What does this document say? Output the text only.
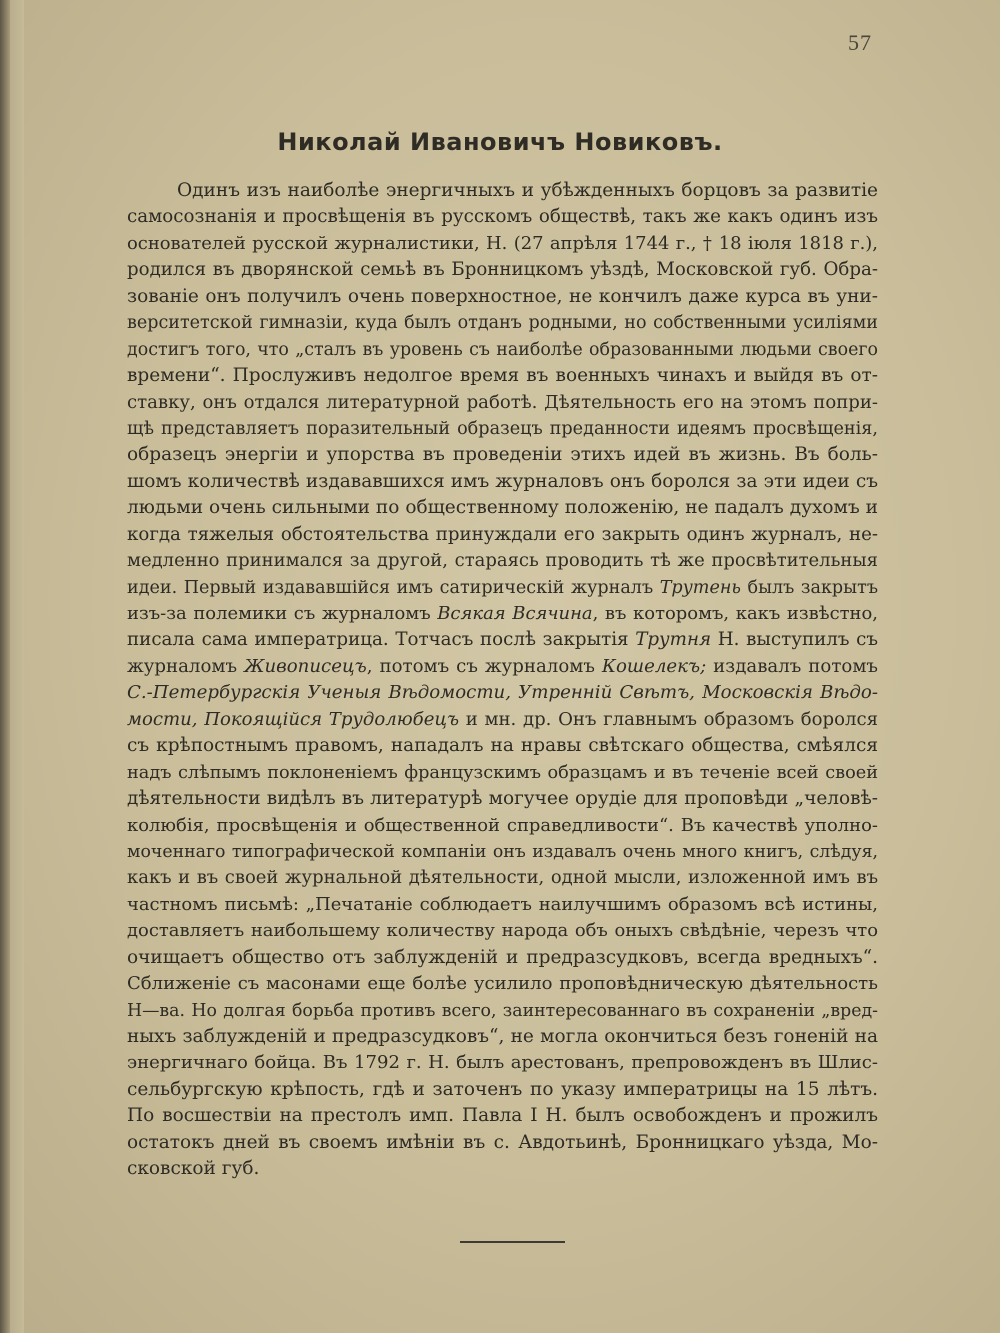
57
Николай Ивановичъ Новиковъ.
Одинъ изъ наиболѣе энергичныхъ и убѣжденныхъ борцовъ за развитіе
самосознанія и просвѣщенія въ русскомъ обществѣ, такъ же какъ одинъ изъ
основателей русской журналистики, Н. (27 апрѣля 1744 г., † 18 іюля 1818 г.),
родился въ дворянской семьѣ въ Бронницкомъ уѣздѣ, Московской губ. Обра-
зованіе онъ получилъ очень поверхностное, не кончилъ даже курса въ уни-
верситетской гимназіи, куда былъ отданъ родными, но собственными усиліями
достигъ того, что „сталъ въ уровень съ наиболѣе образованными людьми своего
времени“. Прослуживъ недолгое время въ военныхъ чинахъ и выйдя въ от-
ставку, онъ отдался литературной работѣ. Дѣятельность его на этомъ попри-
щѣ представляетъ поразительный образецъ преданности идеямъ просвѣщенія,
образецъ энергіи и упорства въ проведеніи этихъ идей въ жизнь. Въ боль-
шомъ количествѣ издававшихся имъ журналовъ онъ боролся за эти идеи съ
людьми очень сильными по общественному положенію, не падалъ духомъ и
когда тяжелыя обстоятельства принуждали его закрыть одинъ журналъ, не-
медленно принимался за другой, стараясь проводить тѣ же просвѣтительныя
идеи. Первый издававшійся имъ сатирическій журналъ Трутень былъ закрытъ
изъ-за полемики съ журналомъ Всякая Всячина, въ которомъ, какъ извѣстно,
писала сама императрица. Тотчасъ послѣ закрытія Трутня Н. выступилъ съ
журналомъ Живописецъ, потомъ съ журналомъ Кошелекъ; издавалъ потомъ
С.-Петербургскія Ученыя Вѣдомости, Утренній Свѣтъ, Московскія Вѣдо-
мости, Покоящійся Трудолюбецъ и мн. др. Онъ главнымъ образомъ боролся
съ крѣпостнымъ правомъ, нападалъ на нравы свѣтскаго общества, смѣялся
надъ слѣпымъ поклоненіемъ французскимъ образцамъ и въ теченіе всей своей
дѣятельности видѣлъ въ литературѣ могучее орудіе для проповѣди „человѣ-
колюбія, просвѣщенія и общественной справедливости“. Въ качествѣ уполно-
моченнаго типографической компаніи онъ издавалъ очень много книгъ, слѣдуя,
какъ и въ своей журнальной дѣятельности, одной мысли, изложенной имъ въ
частномъ письмѣ: „Печатаніе соблюдаетъ наилучшимъ образомъ всѣ истины,
доставляетъ наибольшему количеству народа объ оныхъ свѣдѣніе, черезъ что
очищаетъ общество отъ заблужденій и предразсудковъ, всегда вредныхъ“.
Сближеніе съ масонами еще болѣе усилило проповѣдническую дѣятельность
Н—ва. Но долгая борьба противъ всего, заинтересованнаго въ сохраненіи „вред-
ныхъ заблужденій и предразсудковъ“, не могла окончиться безъ гоненій на
энергичнаго бойца. Въ 1792 г. Н. былъ арестованъ, препровожденъ въ Шлис-
сельбургскую крѣпость, гдѣ и заточенъ по указу императрицы на 15 лѣтъ.
По восшествіи на престолъ имп. Павла I Н. былъ освобожденъ и прожилъ
остатокъ дней въ своемъ имѣніи въ с. Авдотьинѣ, Бронницкаго уѣзда, Мо-
сковской губ.
